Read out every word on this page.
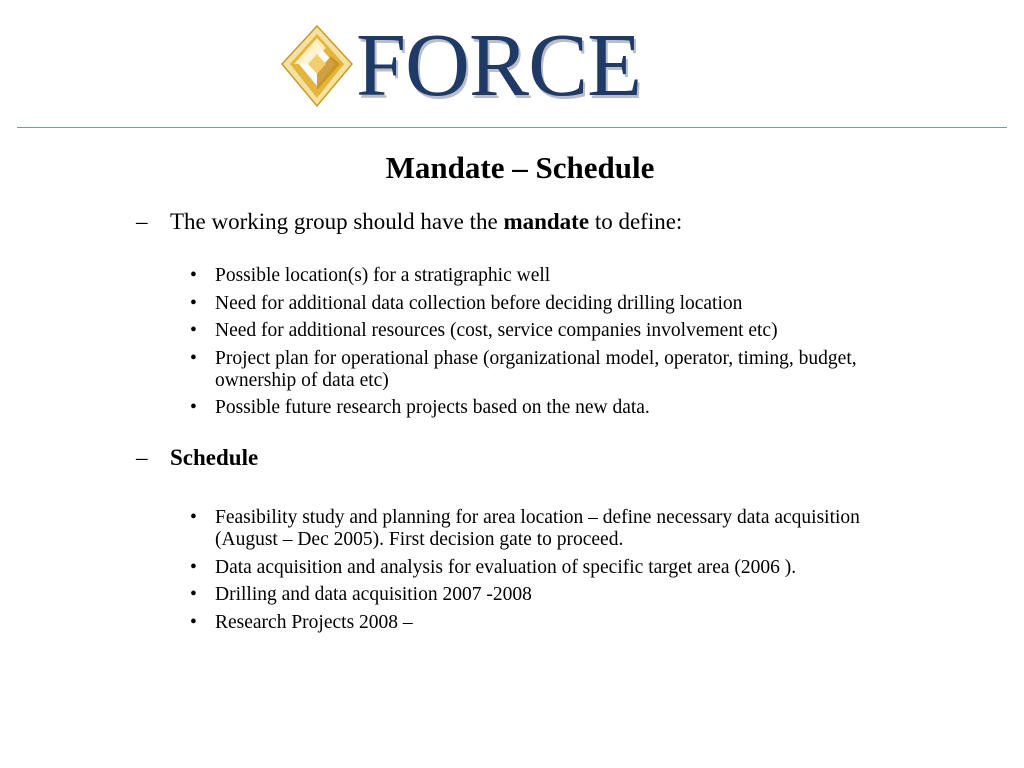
FORCE
Mandate – Schedule
– The working group should have the mandate to define:
• Possible location(s) for a stratigraphic well
• Need for additional data collection before deciding drilling location
• Need for additional resources (cost, service companies involvement etc)
• Project plan for operational phase (organizational model, operator, timing, budget, ownership of data etc)
• Possible future research projects based on the new data.
– Schedule
• Feasibility study and planning for area location – define necessary data acquisition (August – Dec 2005). First decision gate to proceed.
• Data acquisition and analysis for evaluation of specific target area (2006 ).
• Drilling and data acquisition 2007 -2008
• Research Projects 2008 –
